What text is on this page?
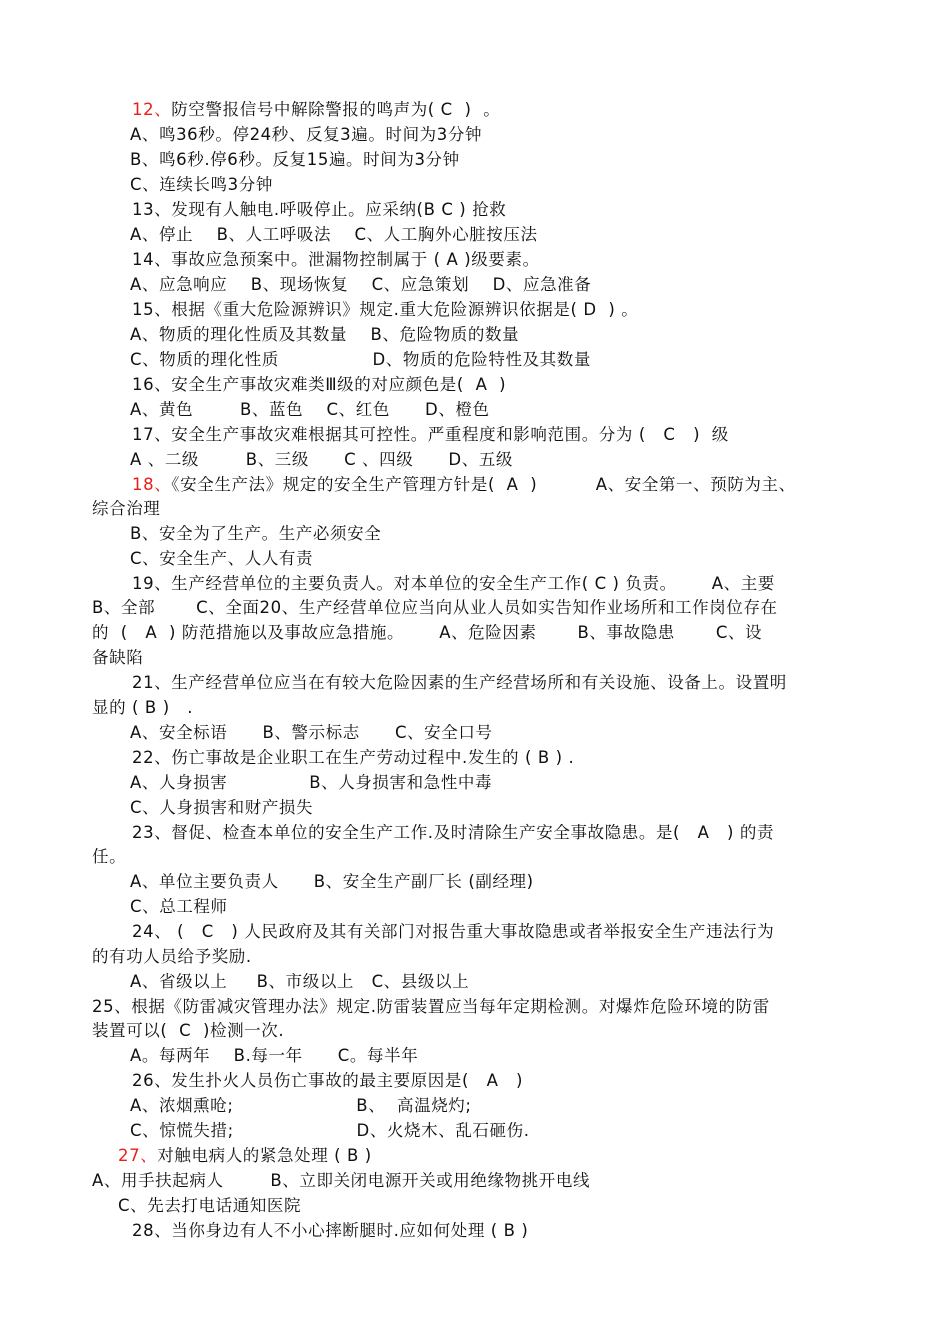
12、防空警报信号中解除警报的鸣声为( C  )  。
A、鸣36秒。停24秒、反复3遍。时间为3分钟
B、鸣6秒.停6秒。反复15遍。时间为3分钟
C、连续长鸣3分钟
13、发现有人触电.呼吸停止。应采纳(B C ) 抢救
A、停止    B、人工呼吸法    C、人工胸外心脏按压法
14、事故应急预案中。泄漏物控制属于 ( A )级要素。
A、应急响应    B、现场恢复    C、应急策划    D、应急准备
15、根据《重大危险源辨识》规定.重大危险源辨识依据是( D  ) 。
A、物质的理化性质及其数量    B、危险物质的数量
C、物质的理化性质                D、物质的危险特性及其数量
16、安全生产事故灾难类Ⅲ级的对应颜色是(  A  )
A、黄色        B、蓝色    C、红色      D、橙色
17、安全生产事故灾难根据其可控性。严重程度和影响范围。分为 (   C   )  级
A 、二级        B、三级      C 、四级      D、五级
18、《安全生产法》规定的安全生产管理方针是(  A  )          A、安全第一、预防为主、
综合治理
B、安全为了生产。生产必须安全
C、安全生产、人人有责
19、生产经营单位的主要负责人。对本单位的安全生产工作( C ) 负责。      A、主要
B、全部       C、全面20、生产经营单位应当向从业人员如实告知作业场所和工作岗位存在
的  (   A  ) 防范措施以及事故应急措施。      A、危险因素       B、事故隐患       C、设
备缺陷
21、生产经营单位应当在有较大危险因素的生产经营场所和有关设施、设备上。设置明
显的 ( B )   .
A、安全标语      B、警示标志      C、安全口号
22、伤亡事故是企业职工在生产劳动过程中.发生的 ( B ) .
A、人身损害              B、人身损害和急性中毒
C、人身损害和财产损失
23、督促、检查本单位的安全生产工作.及时清除生产安全事故隐患。是(   A   ) 的责
任。
A、单位主要负责人      B、安全生产副厂长 (副经理)
C、总工程师
24、 (   C   ) 人民政府及其有关部门对报告重大事故隐患或者举报安全生产违法行为
的有功人员给予奖励.
A、省级以上     B、市级以上   C、县级以上
25、根据《防雷减灾管理办法》规定.防雷装置应当每年定期检测。对爆炸危险环境的防雷
装置可以(  C  )检测一次.
A。每两年    B.每一年      C。每半年
26、发生扑火人员伤亡事故的最主要原因是(   A   )
A、浓烟熏呛;                     B、  高温烧灼;
C、惊慌失措;                     D、火烧木、乱石砸伤.
27、对触电病人的紧急处理 ( B )
A、用手扶起病人        B、立即关闭电源开关或用绝缘物挑开电线
C、先去打电话通知医院
28、当你身边有人不小心摔断腿时.应如何处理 ( B )
